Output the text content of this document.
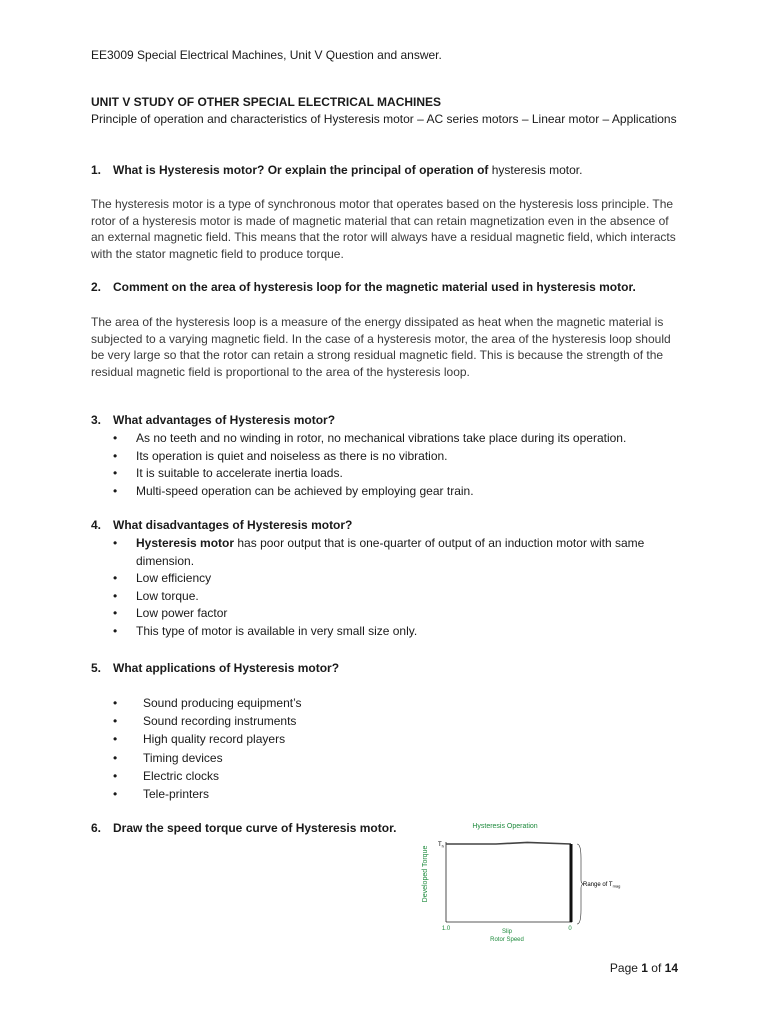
EE3009 Special Electrical Machines, Unit V Question and answer.
UNIT V STUDY OF OTHER SPECIAL ELECTRICAL MACHINES
Principle of operation and characteristics of Hysteresis motor – AC series motors – Linear motor – Applications
1. What is Hysteresis motor? Or explain the principal of operation of hysteresis motor.
The hysteresis motor is a type of synchronous motor that operates based on the hysteresis loss principle. The rotor of a hysteresis motor is made of magnetic material that can retain magnetization even in the absence of an external magnetic field. This means that the rotor will always have a residual magnetic field, which interacts with the stator magnetic field to produce torque.
2. Comment on the area of hysteresis loop for the magnetic material used in hysteresis motor.
The area of the hysteresis loop is a measure of the energy dissipated as heat when the magnetic material is subjected to a varying magnetic field. In the case of a hysteresis motor, the area of the hysteresis loop should be very large so that the rotor can retain a strong residual magnetic field. This is because the strength of the residual magnetic field is proportional to the area of the hysteresis loop.
3. What advantages of Hysteresis motor?
• As no teeth and no winding in rotor, no mechanical vibrations take place during its operation.
• Its operation is quiet and noiseless as there is no vibration.
• It is suitable to accelerate inertia loads.
• Multi-speed operation can be achieved by employing gear train.
4. What disadvantages of Hysteresis motor?
• Hysteresis motor has poor output that is one-quarter of output of an induction motor with same dimension.
• Low efficiency
• Low torque.
• Low power factor
• This type of motor is available in very small size only.
5. What applications of Hysteresis motor?
• Sound producing equipment’s
• Sound recording instruments
• High quality record players
• Timing devices
• Electric clocks
• Tele-printers
6. Draw the speed torque curve of Hysteresis motor.	Hysteresis Operation
Developed Torque
$T_h$
Range of $T_{mag}$
1.0	0
Slip
Rotor Speed
Page 1 of 14
